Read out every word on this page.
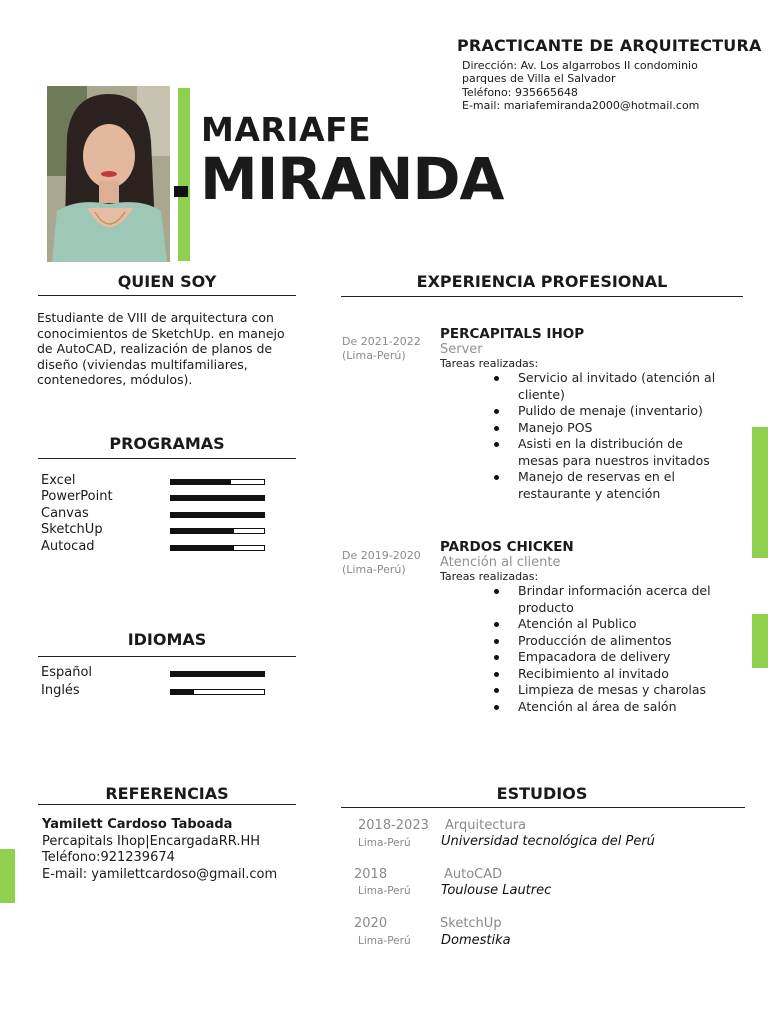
PRACTICANTE DE ARQUITECTURA
Dirección: Av. Los algarrobos II condominio
parques de Villa el Salvador
Teléfono: 935665648
E-mail: mariafemiranda2000@hotmail.com
MARIAFE
MIRANDA
QUIEN SOY
Estudiante de VIII de arquitectura con conocimientos de SketchUp. en manejo de AutoCAD, realización de planos de diseño (viviendas multifamiliares, contenedores, módulos).
PROGRAMAS
Excel
PowerPoint
Canvas
SketchUp
Autocad
IDIOMAS
Español
Inglés
EXPERIENCIA PROFESIONAL
De 2021-2022
(Lima-Perú)
PERCAPITALS IHOP
Server
Tareas realizadas:
Servicio al invitado (atención al cliente)
Pulido de menaje (inventario)
Manejo POS
Asisti en la distribución de mesas para nuestros invitados
Manejo de reservas en el restaurante y atención
De 2019-2020
(Lima-Perú)
PARDOS CHICKEN
Atención al cliente
Tareas realizadas:
Brindar información acerca del producto
Atención al Publico
Producción de alimentos
Empacadora de delivery
Recibimiento al invitado
Limpieza de mesas y charolas
Atención al área de salón
REFERENCIAS
Yamilett Cardoso Taboada
Percapitals Ihop|EncargadaRR.HH
Teléfono:921239674
E-mail: yamilettcardoso@gmail.com
ESTUDIOS
2018-2023 Arquitectura
Lima-Perú Universidad tecnológica del Perú
2018	AutoCAD
Lima-Perú Toulouse Lautrec
2020	SketchUp
Lima-Perú Domestika
